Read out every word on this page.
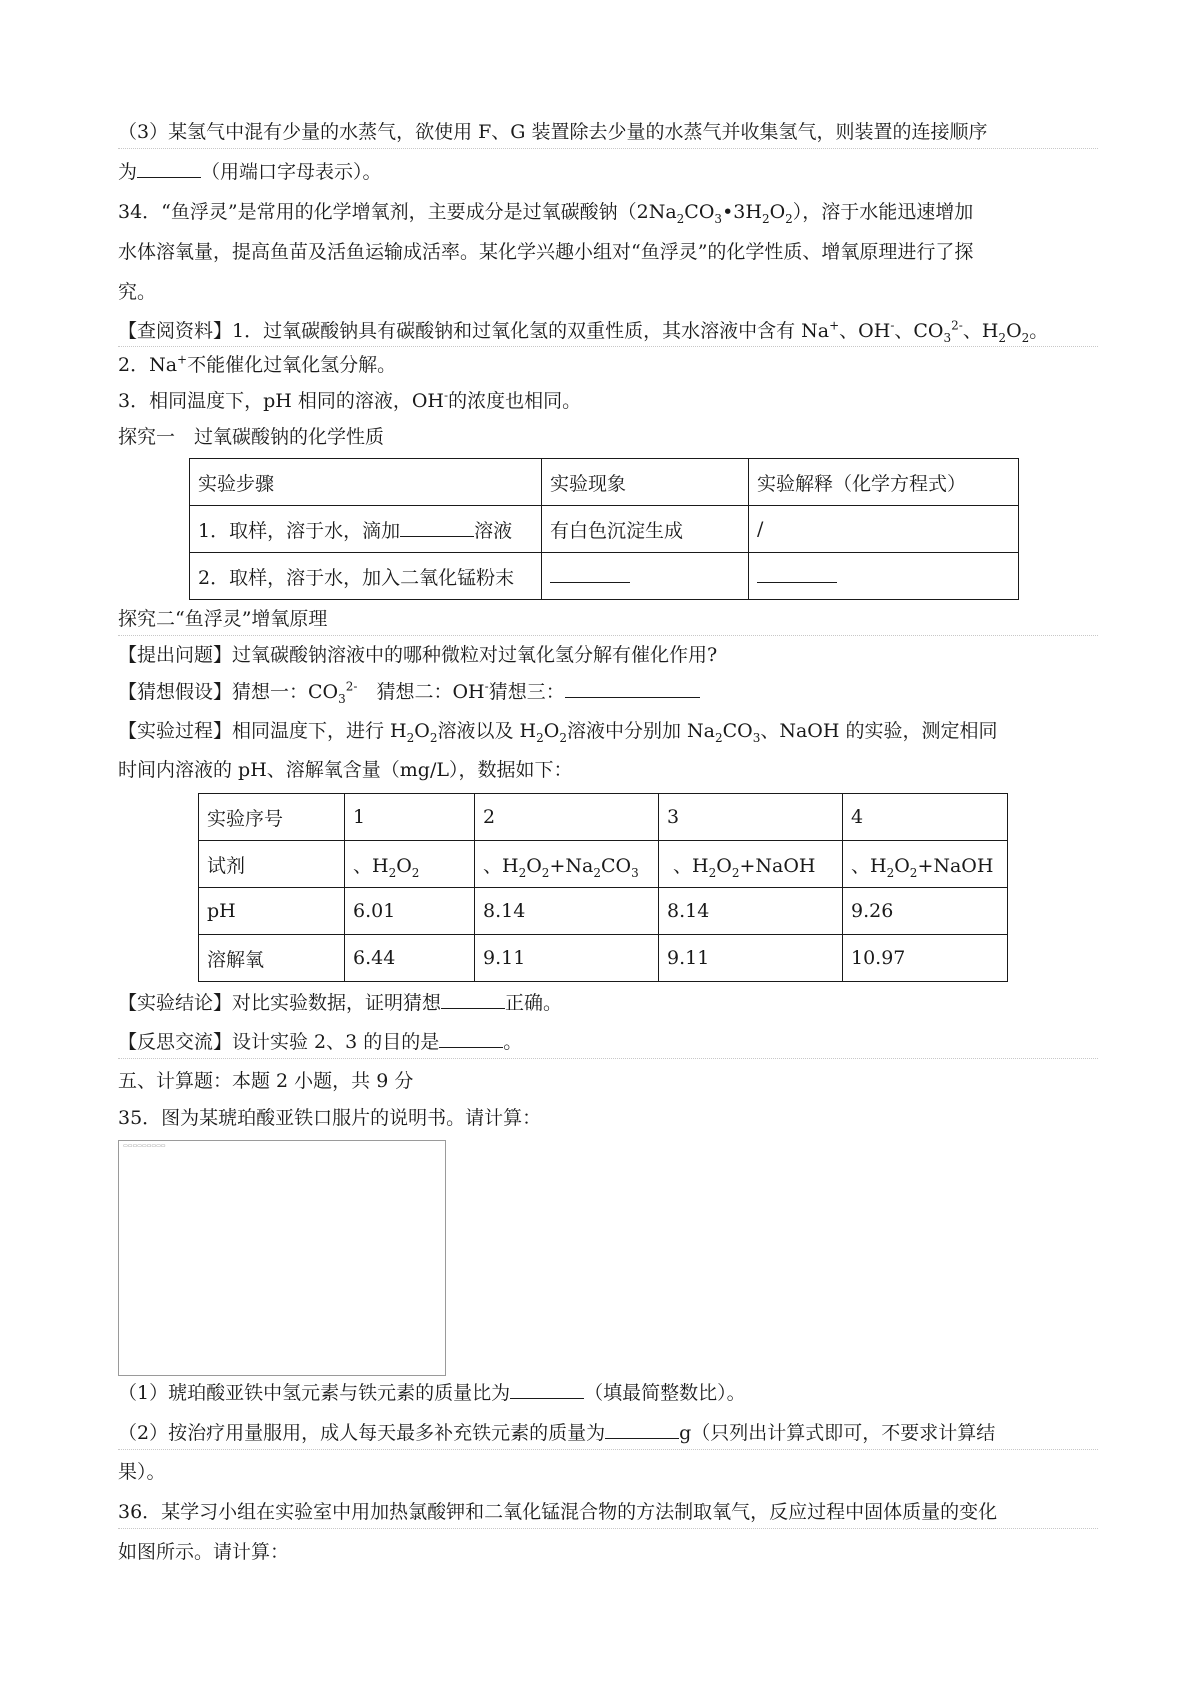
（3）某氢气中混有少量的水蒸气，欲使用 F、G 装置除去少量的水蒸气并收集氢气，则装置的连接顺序
为	（用端口字母表示）。
34．“鱼浮灵”是常用的化学增氧剂，主要成分是过氧碳酸钠$(2Na_2CO_3•3H_2O_2)$，溶于水能迅速增加
水体溶氧量，提高鱼苗及活鱼运输成活率。某化学兴趣小组对“鱼浮灵”的化学性质、增氧原理进行了探
究。
【查阅资料】1．过氧碳酸钠具有碳酸钠和过氧化氢的双重性质，其水溶液中含有 Na+、OH-、$CO_3^{2-}$、$H_2O_2$。
2．Na+不能催化过氧化氢分解。
3．相同温度下，pH 相同的溶液，OH-的浓度也相同。
探究一　过氧碳酸钠的化学性质
实验步骤	实验现象	实验解释（化学方程式）
1．取样，溶于水，滴加 溶液	有白色沉淀生成	/
2．取样，溶于水，加入二氧化锰粉末		
探究二“鱼浮灵”增氧原理
【提出问题】过氧碳酸钠溶液中的哪种微粒对过氧化氢分解有催化作用?
【猜想假设】猜想一：$CO_3^{2-}$　猜想二：OH-猜想三：
【实验过程】相同温度下，进行 $H_2O_2$溶液以及 $H_2O_2$溶液中分别加 $Na_2CO_3$、NaOH 的实验，测定相同
时间内溶液的 pH、溶解氧含量（mg/L），数据如下：
实验序号	1	2	3	4
试剂	、$H_2O_2$	、$H_2O_2+Na_2CO_3$	、$H_2O_2+NaOH$	、$H_2O_2+NaOH$
pH	6.01	8.14	8.14	9.26
溶解氧	6.44	9.11	9.11	10.97
【实验结论】对比实验数据，证明猜想	正确。
【反思交流】设计实验 2、3 的目的是	。
五、计算题：本题 2 小题，共 9 分
35．图为某琥珀酸亚铁口服片的说明书。请计算：
▭▭▭▭▭▭▭▭▭
（1）琥珀酸亚铁中氢元素与铁元素的质量比为	（填最简整数比）。
（2）按治疗用量服用，成人每天最多补充铁元素的质量为	g（只列出计算式即可，不要求计算结
果）。
36．某学习小组在实验室中用加热氯酸钾和二氧化锰混合物的方法制取氧气，反应过程中固体质量的变化
如图所示。请计算：
